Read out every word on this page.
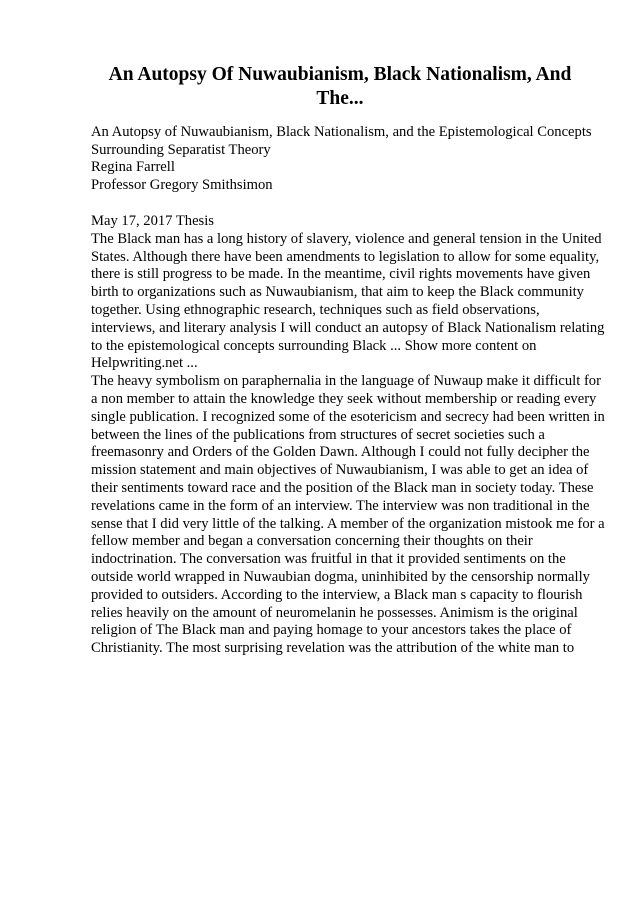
An Autopsy Of Nuwaubianism, Black Nationalism, And The...
An Autopsy of Nuwaubianism, Black Nationalism, and the Epistemological Concepts Surrounding Separatist Theory
Regina Farrell
Professor Gregory Smithsimon

May 17, 2017 Thesis

The Black man has a long history of slavery, violence and general tension in the United States. Although there have been amendments to legislation to allow for some equality, there is still progress to be made. In the meantime, civil rights movements have given birth to organizations such as Nuwaubianism, that aim to keep the Black community together. Using ethnographic research, techniques such as field observations, interviews, and literary analysis I will conduct an autopsy of Black Nationalism relating to the epistemological concepts surrounding Black ... Show more content on Helpwriting.net ...

The heavy symbolism on paraphernalia in the language of Nuwaup make it difficult for a non member to attain the knowledge they seek without membership or reading every single publication. I recognized some of the esotericism and secrecy had been written in between the lines of the publications from structures of secret societies such a freemasonry and Orders of the Golden Dawn. Although I could not fully decipher the mission statement and main objectives of Nuwaubianism, I was able to get an idea of their sentiments toward race and the position of the Black man in society today. These revelations came in the form of an interview. The interview was non traditional in the sense that I did very little of the talking. A member of the organization mistook me for a fellow member and began a conversation concerning their thoughts on their indoctrination. The conversation was fruitful in that it provided sentiments on the outside world wrapped in Nuwaubian dogma, uninhibited by the censorship normally provided to outsiders. According to the interview, a Black man s capacity to flourish relies heavily on the amount of neuromelanin he possesses. Animism is the original religion of The Black man and paying homage to your ancestors takes the place of Christianity. The most surprising revelation was the attribution of the white man to
